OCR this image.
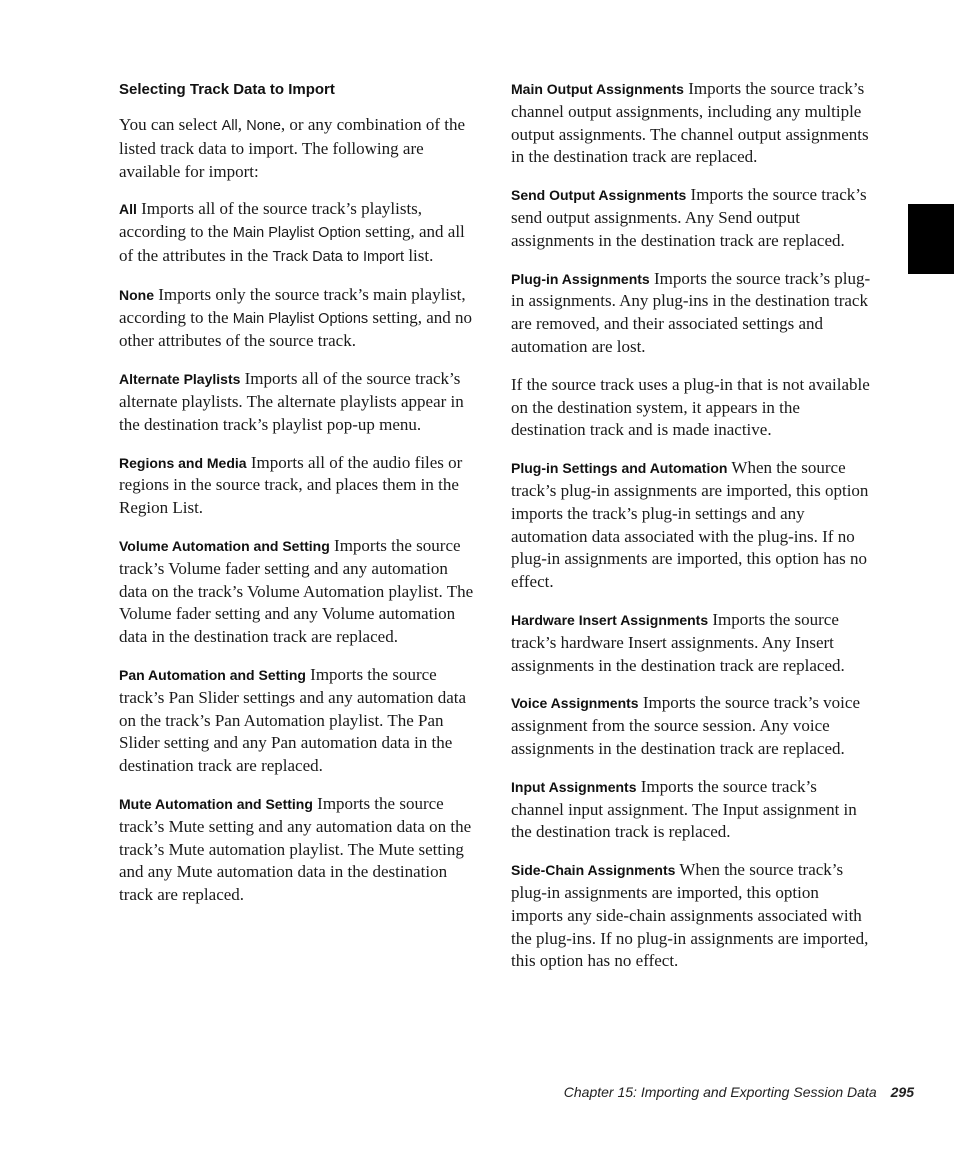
Selecting Track Data to Import

You can select All, None, or any combination of the listed track data to import. The following are available for import:

All Imports all of the source track’s playlists, according to the Main Playlist Option setting, and all of the attributes in the Track Data to Import list.

None Imports only the source track’s main playlist, according to the Main Playlist Options setting, and no other attributes of the source track.

Alternate Playlists Imports all of the source track’s alternate playlists. The alternate playlists appear in the destination track’s playlist pop-up menu.

Regions and Media Imports all of the audio files or regions in the source track, and places them in the Region List.

Volume Automation and Setting Imports the source track’s Volume fader setting and any automation data on the track’s Volume Automation playlist. The Volume fader setting and any Volume automation data in the destination track are replaced.

Pan Automation and Setting Imports the source track’s Pan Slider settings and any automation data on the track’s Pan Automation playlist. The Pan Slider setting and any Pan automation data in the destination track are replaced.

Mute Automation and Setting Imports the source track’s Mute setting and any automation data on the track’s Mute automation playlist. The Mute setting and any Mute automation data in the destination track are replaced.

Main Output Assignments Imports the source track’s channel output assignments, including any multiple output assignments. The channel output assignments in the destination track are replaced.

Send Output Assignments Imports the source track’s send output assignments. Any Send output assignments in the destination track are replaced.

Plug-in Assignments Imports the source track’s plug-in assignments. Any plug-ins in the destination track are removed, and their associated settings and automation are lost.

If the source track uses a plug-in that is not available on the destination system, it appears in the destination track and is made inactive.

Plug-in Settings and Automation When the source track’s plug-in assignments are imported, this option imports the track’s plug-in settings and any automation data associated with the plug-ins. If no plug-in assignments are imported, this option has no effect.

Hardware Insert Assignments Imports the source track’s hardware Insert assignments. Any Insert assignments in the destination track are replaced.

Voice Assignments Imports the source track’s voice assignment from the source session. Any voice assignments in the destination track are replaced.

Input Assignments Imports the source track’s channel input assignment. The Input assignment in the destination track is replaced.

Side-Chain Assignments When the source track’s plug-in assignments are imported, this option imports any side-chain assignments associated with the plug-ins. If no plug-in assignments are imported, this option has no effect.

Chapter 15: Importing and Exporting Session Data 295
